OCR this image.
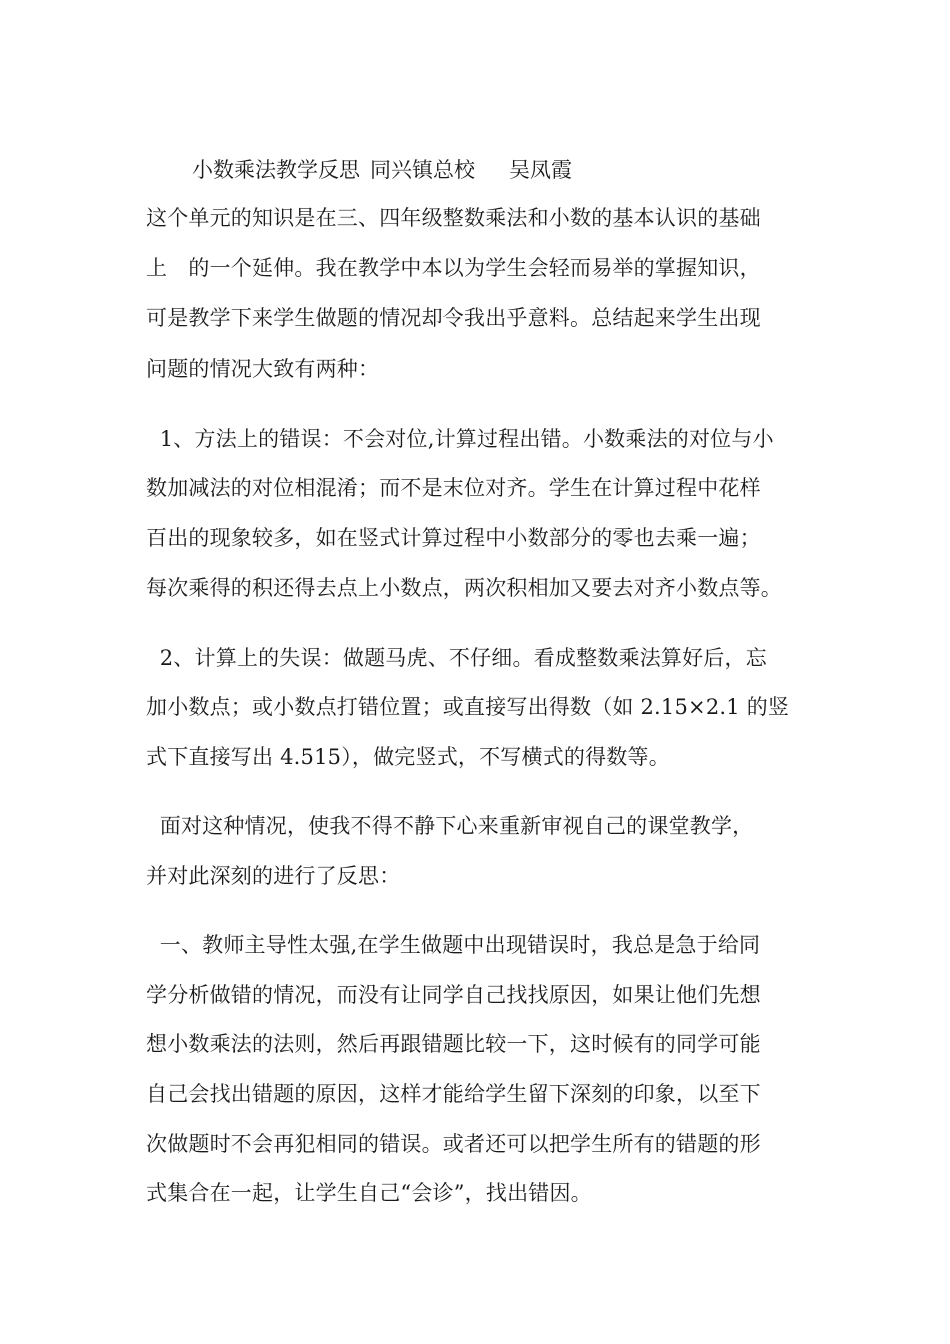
小数乘法教学反思 同兴镇总校 吴凤霞
这个单元的知识是在三、四年级整数乘法和小数的基本认识的基础
上　的一个延伸。我在教学中本以为学生会轻而易举的掌握知识，
可是教学下来学生做题的情况却令我出乎意料。总结起来学生出现
问题的情况大致有两种：
1、方法上的错误：不会对位,计算过程出错。小数乘法的对位与小
数加减法的对位相混淆；而不是末位对齐。学生在计算过程中花样
百出的现象较多，如在竖式计算过程中小数部分的零也去乘一遍；
每次乘得的积还得去点上小数点，两次积相加又要去对齐小数点等。
2、计算上的失误：做题马虎、不仔细。看成整数乘法算好后，忘
加小数点；或小数点打错位置；或直接写出得数（如 2.15×2.1 的竖
式下直接写出 4.515），做完竖式，不写横式的得数等。
面对这种情况，使我不得不静下心来重新审视自己的课堂教学，
并对此深刻的进行了反思：
一、教师主导性太强,在学生做题中出现错误时，我总是急于给同
学分析做错的情况，而没有让同学自己找找原因，如果让他们先想
想小数乘法的法则，然后再跟错题比较一下，这时候有的同学可能
自己会找出错题的原因，这样才能给学生留下深刻的印象，以至下
次做题时不会再犯相同的错误。或者还可以把学生所有的错题的形
式集合在一起，让学生自己“会诊”，找出错因。
